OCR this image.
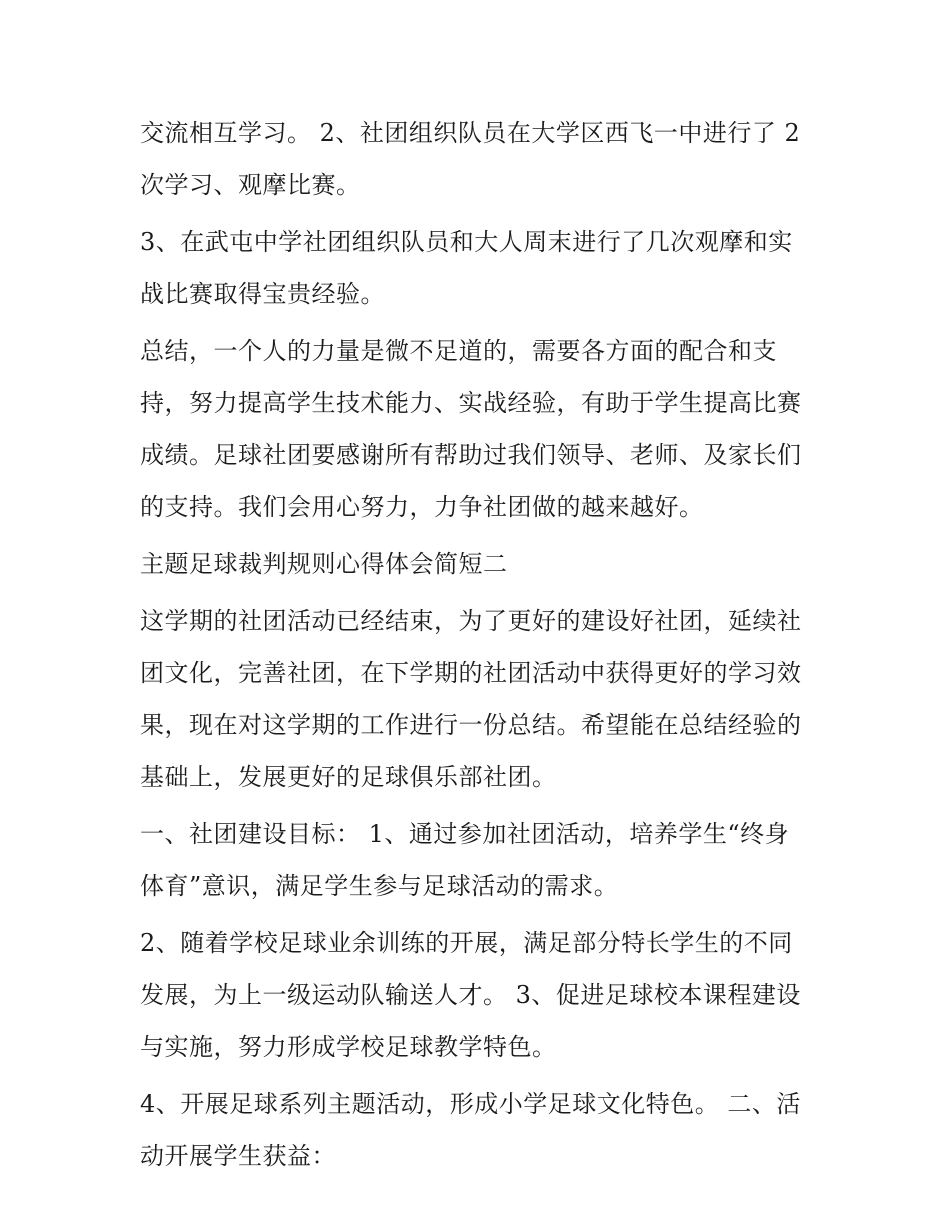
交流相互学习。 2、社团组织队员在大学区西飞一中进行了 2
次学习、观摩比赛。
3、在武屯中学社团组织队员和大人周末进行了几次观摩和实
战比赛取得宝贵经验。
总结，一个人的力量是微不足道的，需要各方面的配合和支
持，努力提高学生技术能力、实战经验，有助于学生提高比赛
成绩。足球社团要感谢所有帮助过我们领导、老师、及家长们
的支持。我们会用心努力，力争社团做的越来越好。
主题足球裁判规则心得体会简短二
这学期的社团活动已经结束，为了更好的建设好社团，延续社
团文化，完善社团，在下学期的社团活动中获得更好的学习效
果，现在对这学期的工作进行一份总结。希望能在总结经验的
基础上，发展更好的足球俱乐部社团。
一、社团建设目标： 1、通过参加社团活动，培养学生“终身
体育”意识，满足学生参与足球活动的需求。
2、随着学校足球业余训练的开展，满足部分特长学生的不同
发展，为上一级运动队输送人才。 3、促进足球校本课程建设
与实施，努力形成学校足球教学特色。
4、开展足球系列主题活动，形成小学足球文化特色。 二、活
动开展学生获益：
